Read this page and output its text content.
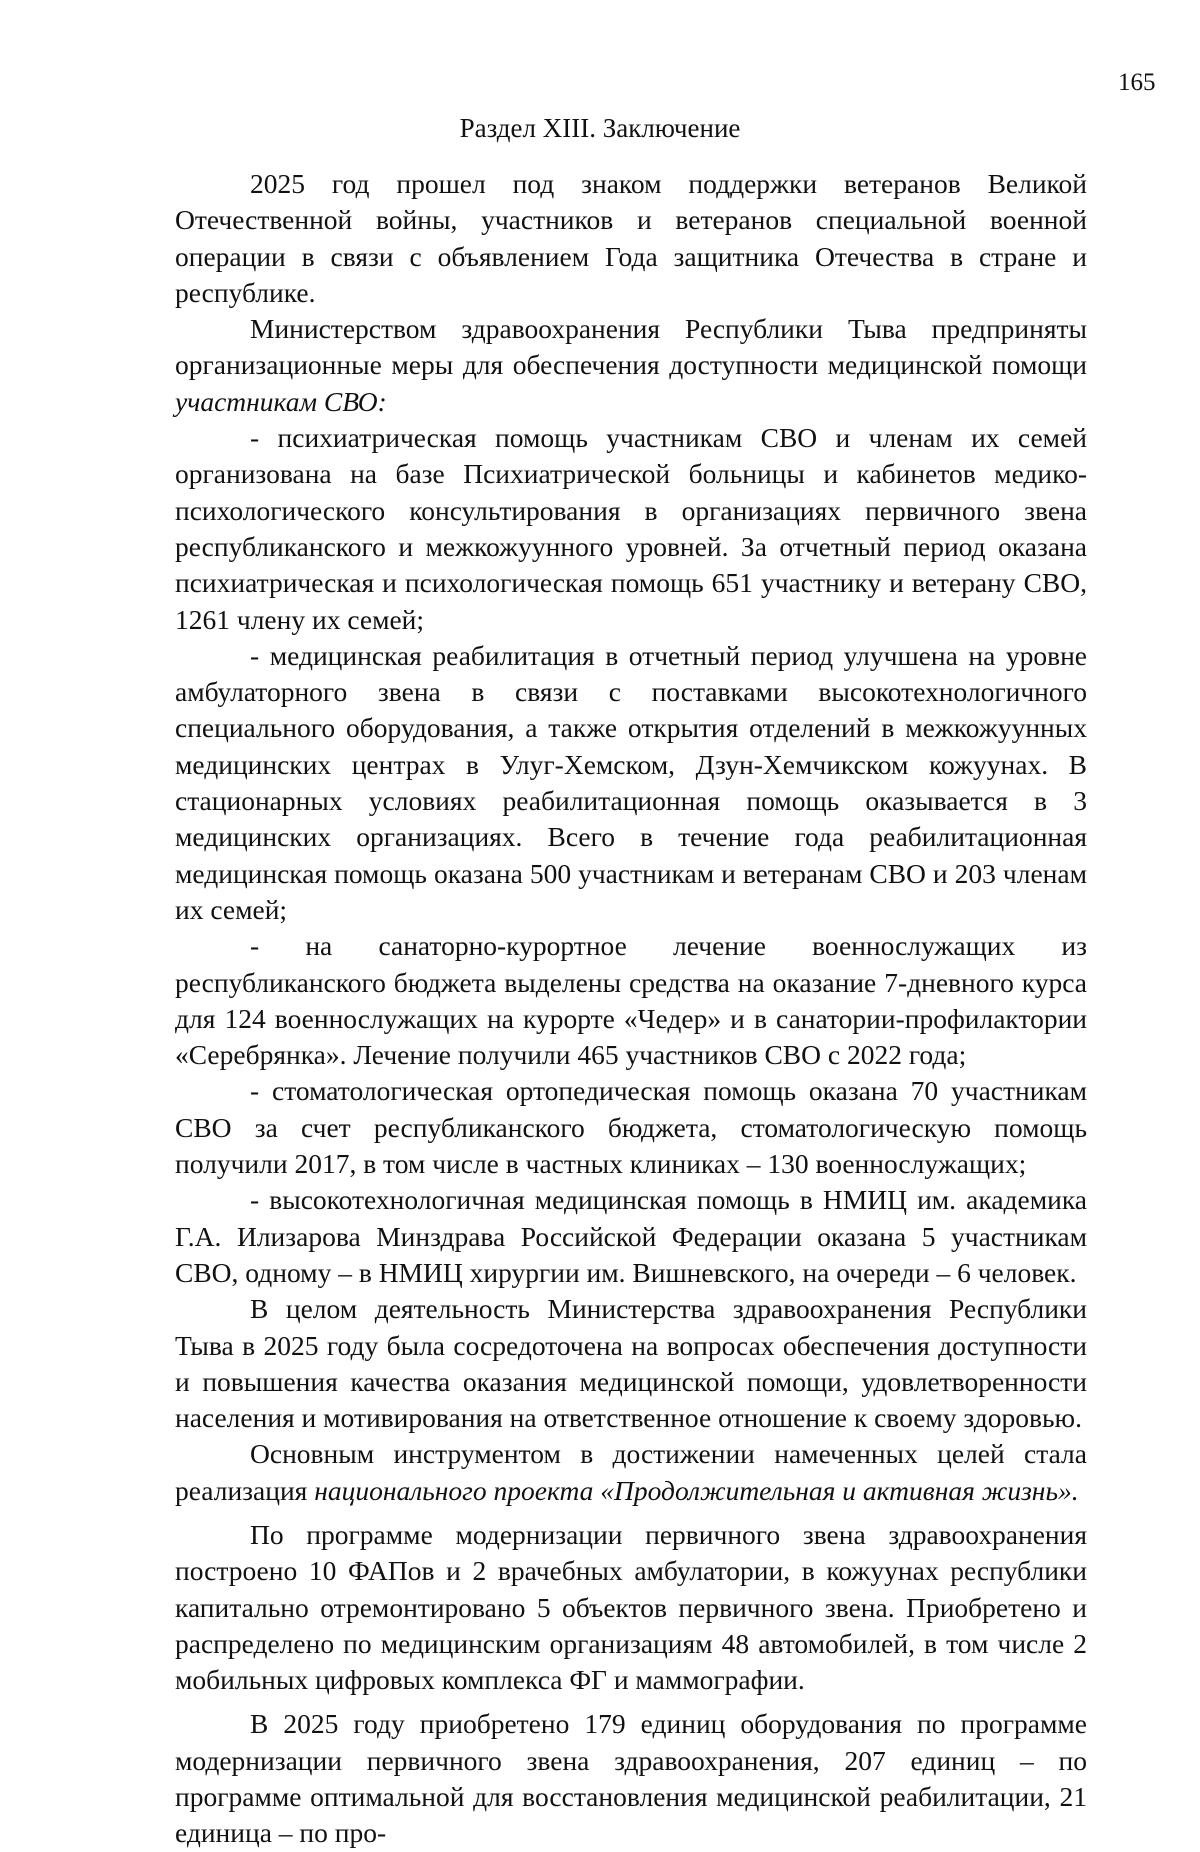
165
Раздел XIII. Заключение

2025 год прошел под знаком поддержки ветеранов Великой Отечественной войны, участников и ветеранов специальной военной операции в связи с объявлением Года защитника Отечества в стране и республике.

Министерством здравоохранения Республики Тыва предприняты организационные меры для обеспечения доступности медицинской помощи участникам СВО:

- психиатрическая помощь участникам СВО и членам их семей организована на базе Психиатрической больницы и кабинетов медико-психологического консультирования в организациях первичного звена республиканского и межкожуунного уровней. За отчетный период оказана психиатрическая и психологическая помощь 651 участнику и ветерану СВО, 1261 члену их семей;

- медицинская реабилитация в отчетный период улучшена на уровне амбулаторного звена в связи с поставками высокотехнологичного специального оборудования, а также открытия отделений в межкожуунных медицинских центрах в Улуг-Хемском, Дзун-Хемчикском кожуунах. В стационарных условиях реабилитационная помощь оказывается в 3 медицинских организациях. Всего в течение года реабилитационная медицинская помощь оказана 500 участникам и ветеранам СВО и 203 членам их семей;

- на санаторно-курортное лечение военнослужащих из республиканского бюджета выделены средства на оказание 7-дневного курса для 124 военнослужащих на курорте «Чедер» и в санатории-профилактории «Серебрянка». Лечение получили 465 участников СВО с 2022 года;

- стоматологическая ортопедическая помощь оказана 70 участникам СВО за счет республиканского бюджета, стоматологическую помощь получили 2017, в том числе в частных клиниках – 130 военнослужащих;

- высокотехнологичная медицинская помощь в НМИЦ им. академика Г.А. Илизарова Минздрава Российской Федерации оказана 5 участникам СВО, одному – в НМИЦ хирургии им. Вишневского, на очереди – 6 человек.

В целом деятельность Министерства здравоохранения Республики Тыва в 2025 году была сосредоточена на вопросах обеспечения доступности и повышения качества оказания медицинской помощи, удовлетворенности населения и мотивирования на ответственное отношение к своему здоровью.

Основным инструментом в достижении намеченных целей стала реализация национального проекта «Продолжительная и активная жизнь».

По программе модернизации первичного звена здравоохранения построено 10 ФАПов и 2 врачебных амбулатории, в кожуунах республики капитально отремонтировано 5 объектов первичного звена. Приобретено и распределено по медицинским организациям 48 автомобилей, в том числе 2 мобильных цифровых комплекса ФГ и маммографии.

В 2025 году приобретено 179 единиц оборудования по программе модернизации первичного звена здравоохранения, 207 единиц – по программе оптимальной для восстановления медицинской реабилитации, 21 единица – по про-
